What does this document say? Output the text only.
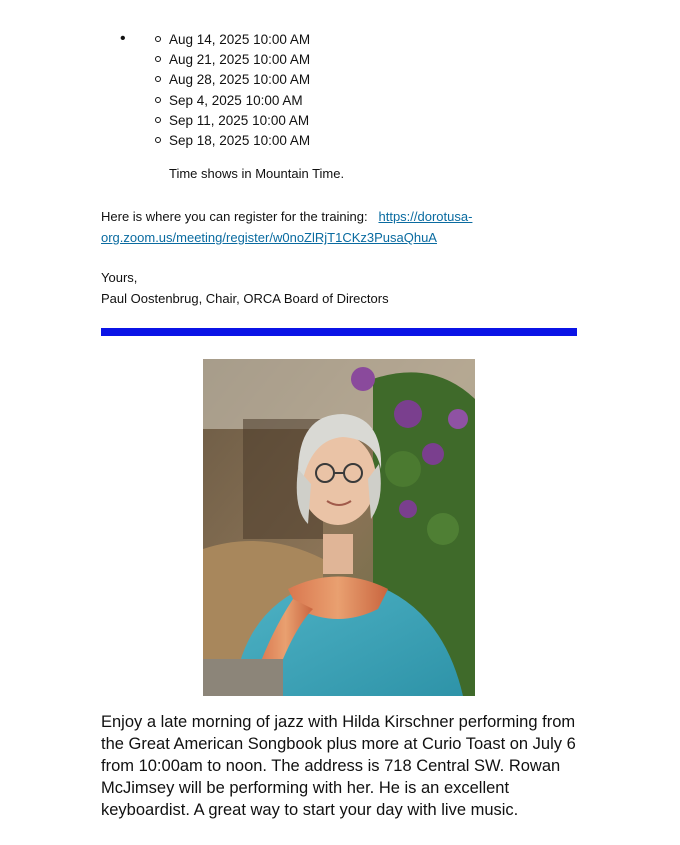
•	Aug 14, 2025 10:00 AM
Aug 21, 2025 10:00 AM
Aug 28, 2025 10:00 AM
Sep 4, 2025 10:00 AM
Sep 11, 2025 10:00 AM
Sep 18, 2025 10:00 AM
Time shows in Mountain Time.
Here is where you can register for the training: https://dorotusa-org.zoom.us/meeting/register/w0noZlRjT1CKz3PusaQhuA
Yours,
Paul Oostenbrug, Chair, ORCA Board of Directors
Enjoy a late morning of jazz with Hilda Kirschner performing from the Great American Songbook plus more at Curio Toast on July 6 from 10:00am to noon. The address is 718 Central SW. Rowan McJimsey will be performing with her. He is an excellent keyboardist. A great way to start your day with live music.
